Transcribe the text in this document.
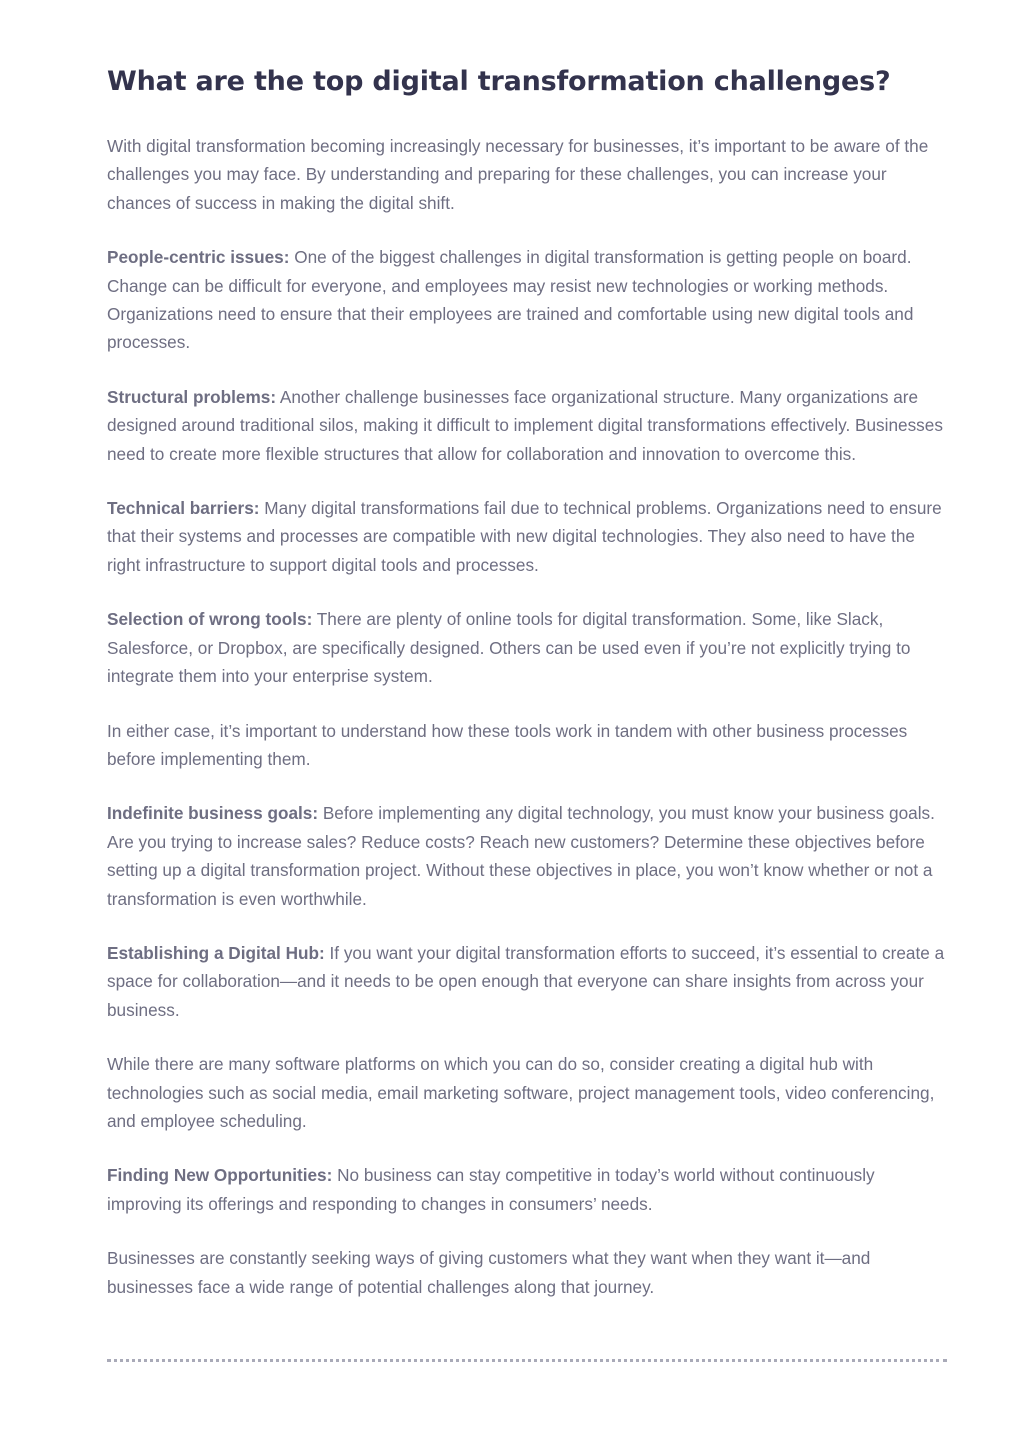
What are the top digital transformation challenges?

With digital transformation becoming increasingly necessary for businesses, it’s important to be aware of the challenges you may face. By understanding and preparing for these challenges, you can increase your chances of success in making the digital shift.

People-centric issues: One of the biggest challenges in digital transformation is getting people on board. Change can be difficult for everyone, and employees may resist new technologies or working methods. Organizations need to ensure that their employees are trained and comfortable using new digital tools and processes.

Structural problems: Another challenge businesses face organizational structure. Many organizations are designed around traditional silos, making it difficult to implement digital transformations effectively. Businesses need to create more flexible structures that allow for collaboration and innovation to overcome this.

Technical barriers: Many digital transformations fail due to technical problems. Organizations need to ensure that their systems and processes are compatible with new digital technologies. They also need to have the right infrastructure to support digital tools and processes.

Selection of wrong tools: There are plenty of online tools for digital transformation. Some, like Slack, Salesforce, or Dropbox, are specifically designed. Others can be used even if you’re not explicitly trying to integrate them into your enterprise system.

In either case, it’s important to understand how these tools work in tandem with other business processes before implementing them.

Indefinite business goals: Before implementing any digital technology, you must know your business goals. Are you trying to increase sales? Reduce costs? Reach new customers? Determine these objectives before setting up a digital transformation project. Without these objectives in place, you won’t know whether or not a transformation is even worthwhile.

Establishing a Digital Hub: If you want your digital transformation efforts to succeed, it’s essential to create a space for collaboration—and it needs to be open enough that everyone can share insights from across your business.

While there are many software platforms on which you can do so, consider creating a digital hub with technologies such as social media, email marketing software, project management tools, video conferencing, and employee scheduling.

Finding New Opportunities: No business can stay competitive in today’s world without continuously improving its offerings and responding to changes in consumers’ needs.

Businesses are constantly seeking ways of giving customers what they want when they want it—and businesses face a wide range of potential challenges along that journey.
